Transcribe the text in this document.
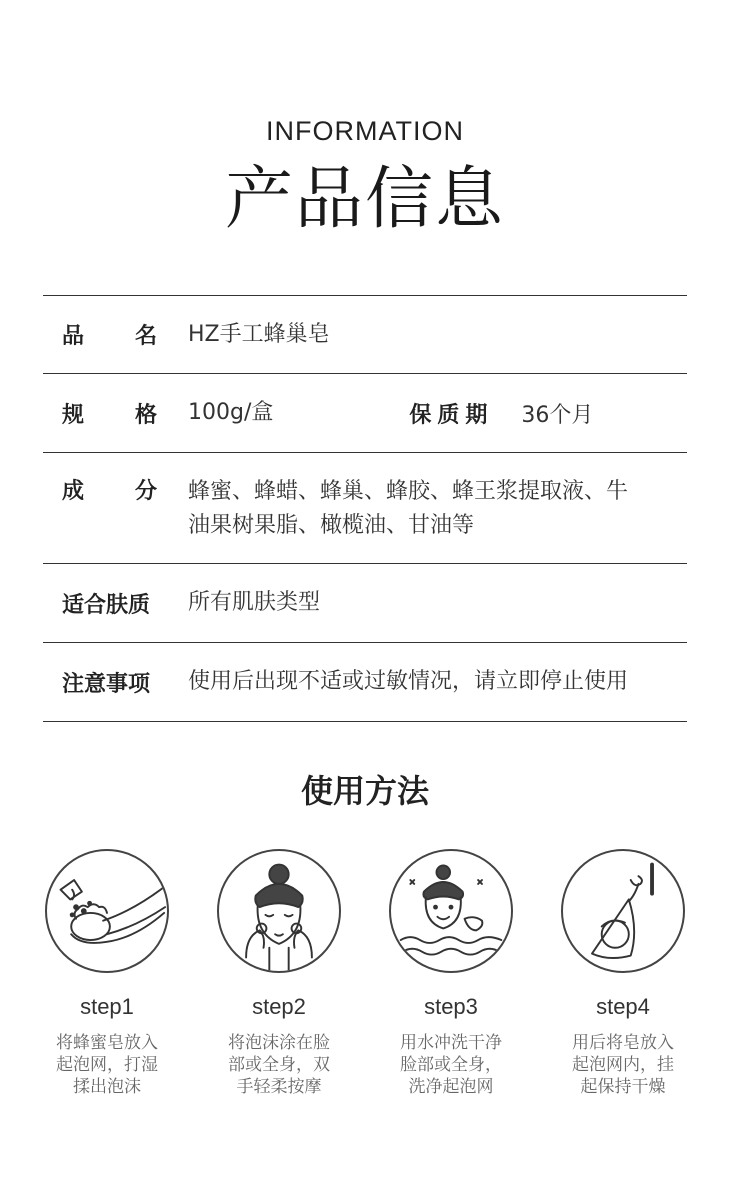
INFORMATION
产品信息
品 名 HZ手工蜂巢皂
规 格 100g/盒	保质期 36个月
成 分 蜂蜜、蜂蜡、蜂巢、蜂胶、蜂王浆提取液、牛
油果树果脂、橄榄油、甘油等
适合肤质	所有肌肤类型
注意事项	使用后出现不适或过敏情况，请立即停止使用
使用方法
step1
将蜂蜜皂放入
起泡网，打湿
揉出泡沫
step2
将泡沫涂在脸
部或全身，双
手轻柔按摩
step3
用水冲洗干净
脸部或全身，
洗净起泡网
step4
用后将皂放入
起泡网内，挂
起保持干燥
